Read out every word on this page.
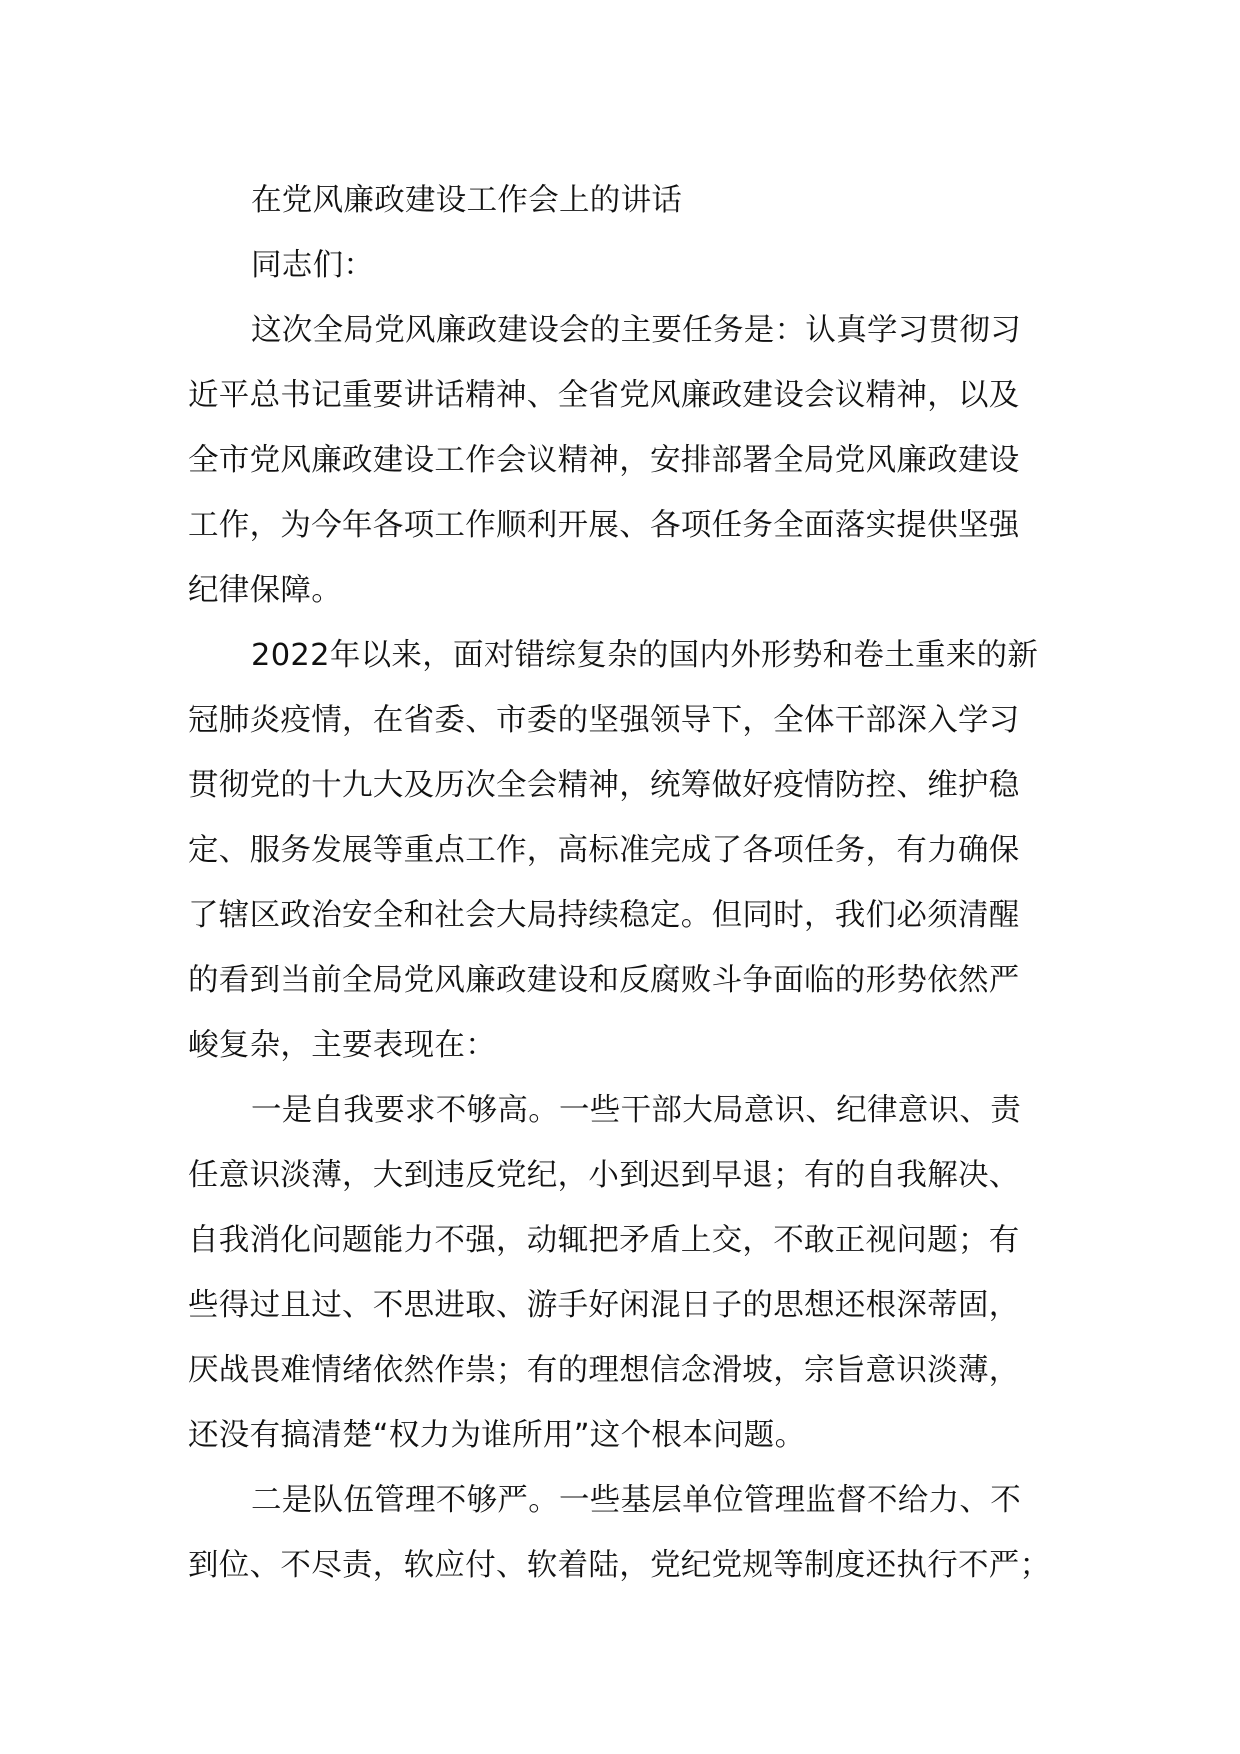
在党风廉政建设工作会上的讲话
同志们：
这次全局党风廉政建设会的主要任务是：认真学习贯彻习
近平总书记重要讲话精神、全省党风廉政建设会议精神，以及
全市党风廉政建设工作会议精神，安排部署全局党风廉政建设
工作，为今年各项工作顺利开展、各项任务全面落实提供坚强
纪律保障。
2022年以来，面对错综复杂的国内外形势和卷土重来的新
冠肺炎疫情，在省委、市委的坚强领导下，全体干部深入学习
贯彻党的十九大及历次全会精神，统筹做好疫情防控、维护稳
定、服务发展等重点工作，高标准完成了各项任务，有力确保
了辖区政治安全和社会大局持续稳定。但同时，我们必须清醒
的看到当前全局党风廉政建设和反腐败斗争面临的形势依然严
峻复杂，主要表现在：
一是自我要求不够高。一些干部大局意识、纪律意识、责
任意识淡薄，大到违反党纪，小到迟到早退；有的自我解决、
自我消化问题能力不强，动辄把矛盾上交，不敢正视问题；有
些得过且过、不思进取、游手好闲混日子的思想还根深蒂固，
厌战畏难情绪依然作祟；有的理想信念滑坡，宗旨意识淡薄，
还没有搞清楚“权力为谁所用”这个根本问题。
二是队伍管理不够严。一些基层单位管理监督不给力、不
到位、不尽责，软应付、软着陆，党纪党规等制度还执行不严；
